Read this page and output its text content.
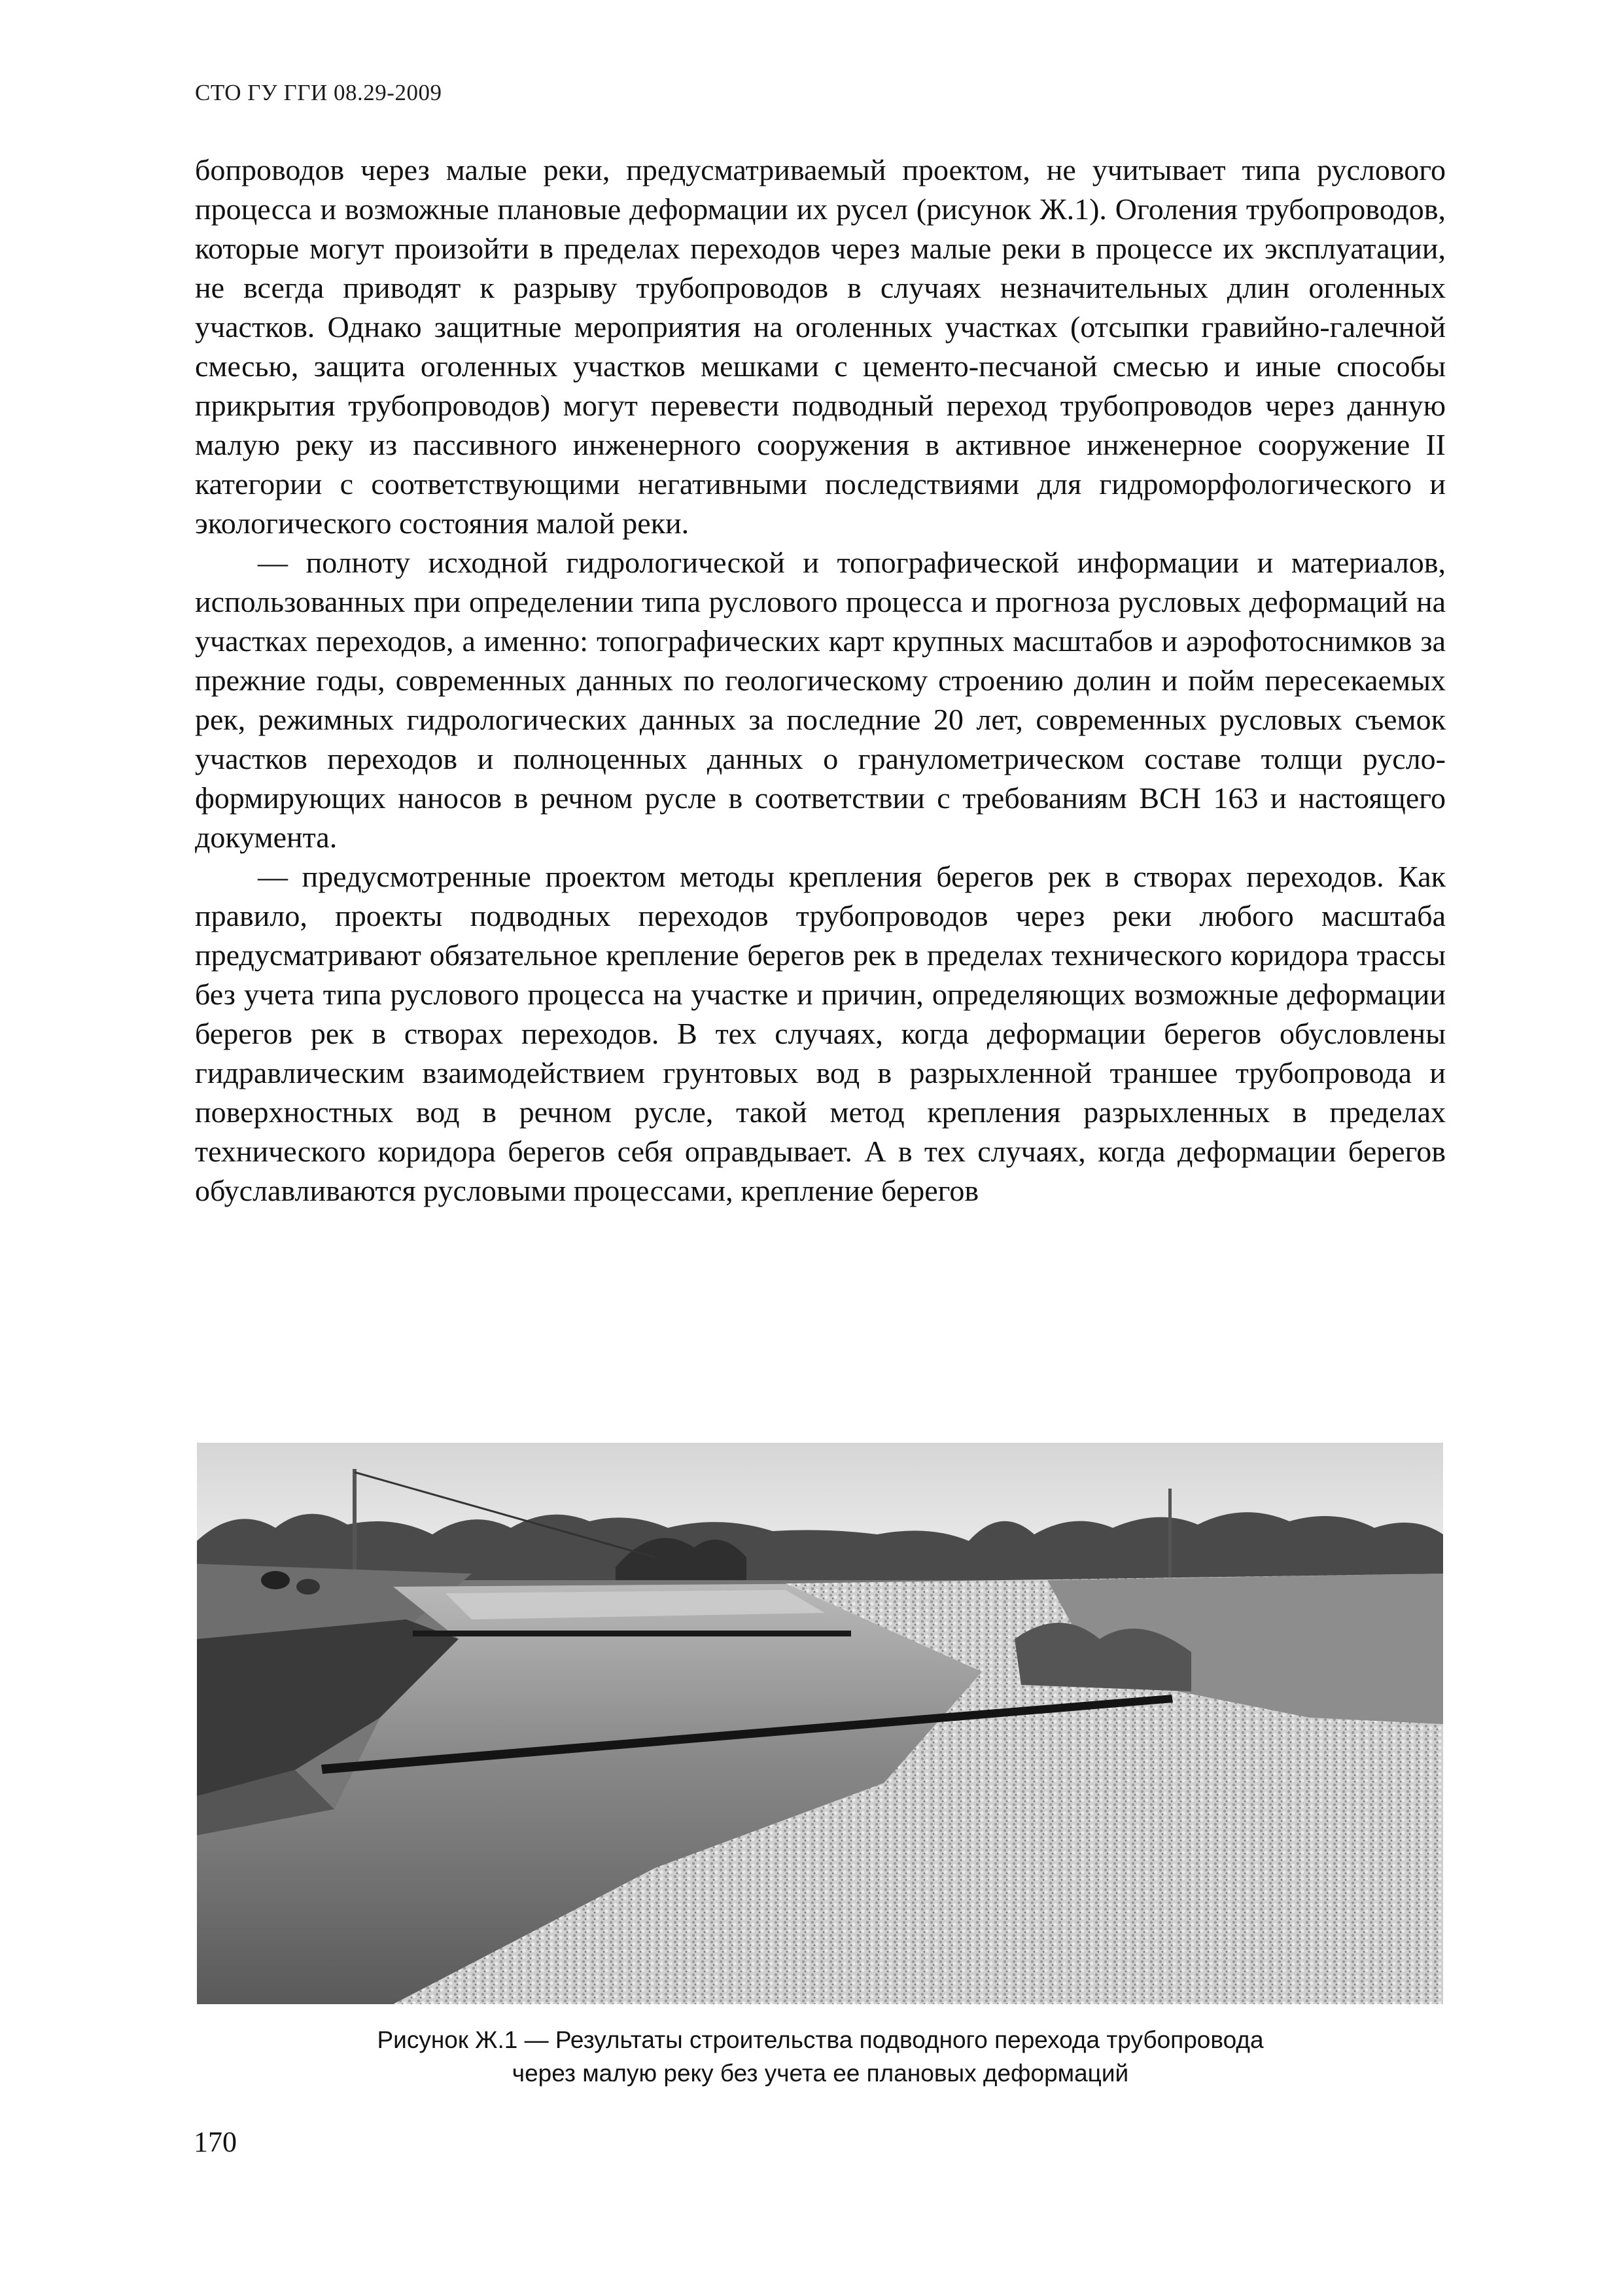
СТО ГУ ГГИ 08.29-2009

бопроводов через малые реки, предусматриваемый проектом, не учитывает типа руслового процесса и возможные плановые деформации их русел (рисунок Ж.1). Оголения трубопроводов, которые могут произойти в пределах переходов через малые реки в процессе их эксплуатации, не всегда приводят к разрыву трубопроводов в случаях незначительных длин оголенных участков. Однако защитные мероприятия на оголенных участках (отсыпки гравийно-галечной смесью, защита оголенных участков мешками с цементо-песчаной смесью и иные способы прикрытия трубопроводов) могут перевести подводный переход трубопроводов через данную малую реку из пассивного инженерного сооружения в активное инженерное сооружение II категории с соответствующими негативными последствиями для гидроморфологического и экологического состояния малой реки.

— полноту исходной гидрологической и топографической информации и материалов, использованных при определении типа руслового процесса и прогноза русловых деформаций на участках переходов, а именно: топографических карт крупных масштабов и аэрофотоснимков за прежние годы, современных данных по геологическому строению долин и пойм пересекаемых рек, режимных гидрологических данных за последние 20 лет, современных русловых съемок участков переходов и полноценных данных о гранулометрическом составе толщи русло-формирующих наносов в речном русле в соответствии с требованиям ВСН 163 и настоящего документа.

— предусмотренные проектом методы крепления берегов рек в створах переходов. Как правило, проекты подводных переходов трубопроводов через реки любого масштаба предусматривают обязательное крепление берегов рек в пределах технического коридора трассы без учета типа руслового процесса на участке и причин, определяющих возможные деформации берегов рек в створах переходов. В тех случаях, когда деформации берегов обусловлены гидравлическим взаимодействием грунтовых вод в разрыхленной траншее трубопровода и поверхностных вод в речном русле, такой метод крепления разрыхленных в пределах технического коридора берегов себя оправдывает. А в тех случаях, когда деформации берегов обуславливаются русловыми процессами, крепление берегов

Рисунок Ж.1 — Результаты строительства подводного перехода трубопровода
через малую реку без учета ее плановых деформаций
170
